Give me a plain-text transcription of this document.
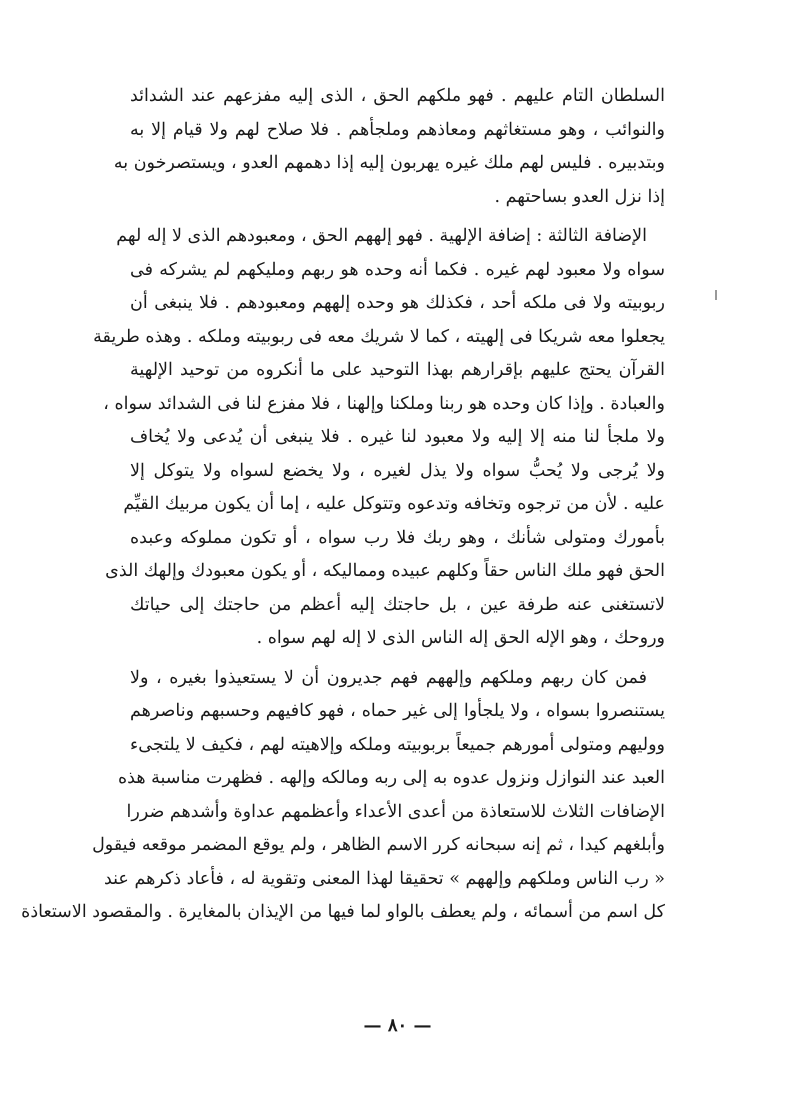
السلطان التام عليهم . فهو ملكهم الحق ، الذى إليه مفزعهم عند الشدائد
والنوائب ، وهو مستغاثهم ومعاذهم وملجأهم . فلا صلاح لهم ولا قيام إلا به
وبتدبيره . فليس لهم ملك غيره يهربون إليه إذا دهمهم العدو ، ويستصرخون به
إذا نزل العدو بساحتهم .
الإضافة الثالثة : إضافة الإلهية . فهو إلههم الحق ، ومعبودهم الذى لا إله لهم
سواه ولا معبود لهم غيره . فكما أنه وحده هو ربهم ومليكهم لم يشركه فى
ربوبيته ولا فى ملكه أحد ، فكذلك هو وحده إلههم ومعبودهم . فلا ينبغى أن
يجعلوا معه شريكا فى إلهيته ، كما لا شريك معه فى ربوبيته وملكه . وهذه طريقة
القرآن يحتج عليهم بإقرارهم بهذا التوحيد على ما أنكروه من توحيد الإلهية
والعبادة . وإذا كان وحده هو ربنا وملكنا وإلهنا ، فلا مفزع لنا فى الشدائد سواه ،
ولا ملجأ لنا منه إلا إليه ولا معبود لنا غيره . فلا ينبغى أن يُدعى ولا يُخاف
ولا يُرجى ولا يُحبُّ سواه ولا يذل لغيره ، ولا يخضع لسواه ولا يتوكل إلا
عليه . لأن من ترجوه وتخافه وتدعوه وتتوكل عليه ، إما أن يكون مربيك القيِّم
بأمورك ومتولى شأنك ، وهو ربك فلا رب سواه ، أو تكون مملوكه وعبده
الحق فهو ملك الناس حقاً وكلهم عبيده ومماليكه ، أو يكون معبودك وإلهك الذى
لاتستغنى عنه طرفة عين ، بل حاجتك إليه أعظم من حاجتك إلى حياتك
وروحك ، وهو الإله الحق إله الناس الذى لا إله لهم سواه .
فمن كان ربهم وملكهم وإلههم فهم جديرون أن لا يستعيذوا بغيره ، ولا
يستنصروا بسواه ، ولا يلجأوا إلى غير حماه ، فهو كافيهم وحسبهم وناصرهم
ووليهم ومتولى أمورهم جميعاً بربوبيته وملكه وإلاهيته لهم ، فكيف لا يلتجىء
العبد عند النوازل ونزول عدوه به إلى ربه ومالكه وإلهه . فظهرت مناسبة هذه
الإضافات الثلاث للاستعاذة من أعدى الأعداء وأعظمهم عداوة وأشدهم ضررا
وأبلغهم كيدا ، ثم إنه سبحانه كرر الاسم الظاهر ، ولم يوقع المضمر موقعه فيقول
« رب الناس وملكهم وإلههم » تحقيقا لهذا المعنى وتقوية له ، فأعاد ذكرهم عند
كل اسم من أسمائه ، ولم يعطف بالواو لما فيها من الإيذان بالمغايرة . والمقصود الاستعاذة
— ٨٠ —
